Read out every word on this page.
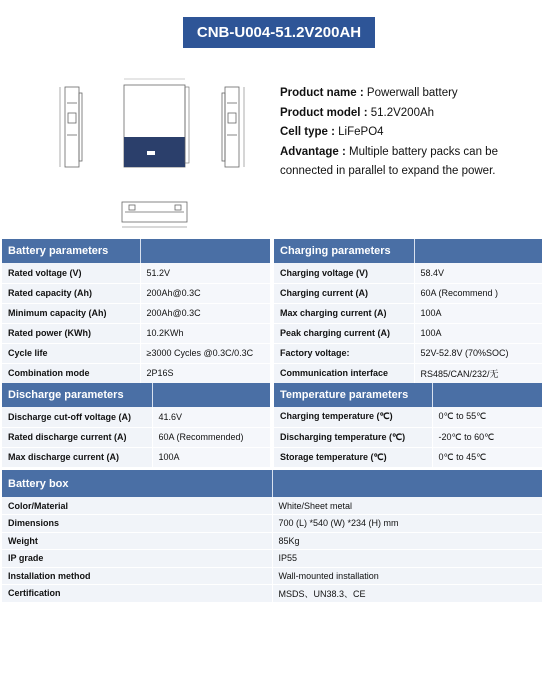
CNB-U004-51.2V200AH
Product name : Powerwall battery
Product model : 51.2V200Ah
Cell type : LiFePO4
Advantage : Multiple battery packs can be connected in parallel to expand the power.
Battery parameters	
Rated voltage (V)	51.2V
Rated capacity (Ah)	200Ah@0.3C
Minimum capacity (Ah)	200Ah@0.3C
Rated power (KWh)	10.2KWh
Cycle life	≥3000 Cycles @0.3C/0.3C
Combination mode	2P16S
Charging parameters	
Charging voltage (V)	58.4V
Charging current (A)	60A (Recommend )
Max charging current (A)	100A
Peak charging current (A)	100A
Factory voltage:	52V-52.8V (70%SOC)
Communication interface	RS485/CAN/232/无
Discharge parameters	
Discharge cut-off voltage (A)	41.6V
Rated discharge current (A)	60A (Recommended)
Max discharge current (A)	100A
Temperature parameters	
Charging temperature (℃)	0℃ to 55℃
Discharging temperature (℃)	-20℃ to 60℃
Storage temperature (℃)	0℃ to 45℃
Battery box	
Color/Material	White/Sheet metal
Dimensions	700 (L) *540 (W) *234 (H) mm
Weight	85Kg
IP grade	IP55
Installation method	Wall-mounted installation
Certification	MSDS、UN38.3、CE
